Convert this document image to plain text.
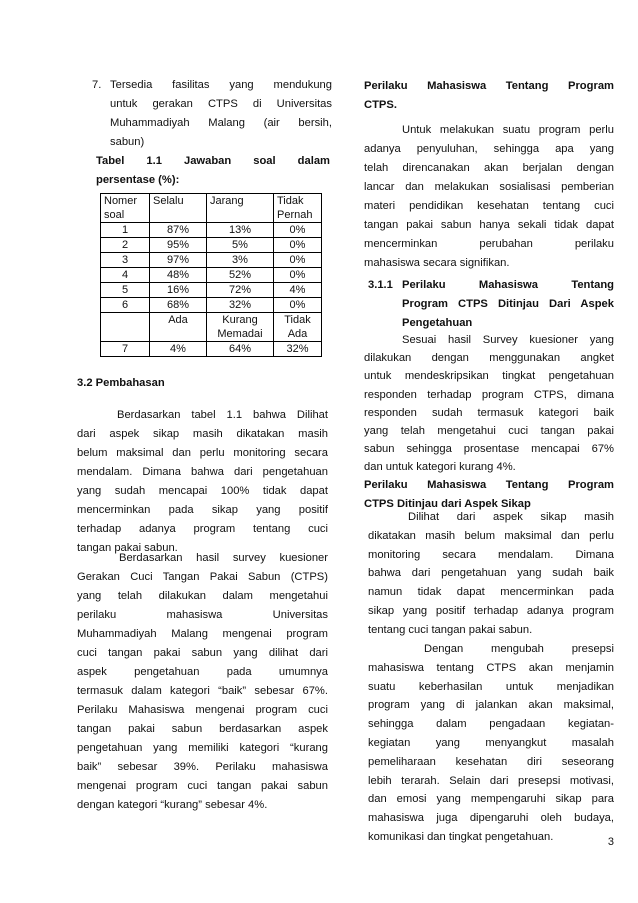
7. Tersedia fasilitas yang mendukung
untuk gerakan CTPS di Universitas
Muhammadiyah Malang (air bersih,
sabun)
Tabel 1.1 Jawaban soal dalam
persentase (%):
Nomer soal	Selalu	Jarang	Tidak Pernah
1	87%	13%	0%
2	95%	5%	0%
3	97%	3%	0%
4	48%	52%	0%
5	16%	72%	4%
6	68%	32%	0%
	Ada	Kurang Memadai	Tidak Ada
7	4%	64%	32%
3.2 Pembahasan
Berdasarkan tabel 1.1 bahwa Dilihat
dari aspek sikap masih dikatakan masih
belum maksimal dan perlu monitoring secara
mendalam. Dimana bahwa dari pengetahuan
yang sudah mencapai 100% tidak dapat
mencerminkan pada sikap yang positif
terhadap adanya program tentang cuci
tangan pakai sabun.
Berdasarkan hasil survey kuesioner
Gerakan Cuci Tangan Pakai Sabun (CTPS)
yang telah dilakukan dalam mengetahui
perilaku mahasiswa Universitas
Muhammadiyah Malang mengenai program
cuci tangan pakai sabun yang dilihat dari
aspek pengetahuan pada umumnya
termasuk dalam kategori “baik” sebesar 67%.
Perilaku Mahasiswa mengenai program cuci
tangan pakai sabun berdasarkan aspek
pengetahuan yang memiliki kategori “kurang
baik” sebesar 39%. Perilaku mahasiswa
mengenai program cuci tangan pakai sabun
dengan kategori “kurang” sebesar 4%.
Perilaku Mahasiswa Tentang Program
CTPS.
Untuk melakukan suatu program perlu
adanya penyuluhan, sehingga apa yang
telah direncanakan akan berjalan dengan
lancar dan melakukan sosialisasi pemberian
materi pendidikan kesehatan tentang cuci
tangan pakai sabun hanya sekali tidak dapat
mencerminkan perubahan perilaku
mahasiswa secara signifikan.
3.1.1 Perilaku Mahasiswa Tentang
Program CTPS Ditinjau Dari Aspek
Pengetahuan
Sesuai hasil Survey kuesioner yang
dilakukan dengan menggunakan angket
untuk mendeskripsikan tingkat pengetahuan
responden terhadap program CTPS, dimana
responden sudah termasuk kategori baik
yang telah mengetahui cuci tangan pakai
sabun sehingga prosentase mencapai 67%
dan untuk kategori kurang 4%.
Perilaku Mahasiswa Tentang Program
CTPS Ditinjau dari Aspek Sikap
Dilihat dari aspek sikap masih
dikatakan masih belum maksimal dan perlu
monitoring secara mendalam. Dimana
bahwa dari pengetahuan yang sudah baik
namun tidak dapat mencerminkan pada
sikap yang positif terhadap adanya program
tentang cuci tangan pakai sabun.
Dengan mengubah presepsi
mahasiswa tentang CTPS akan menjamin
suatu keberhasilan untuk menjadikan
program yang di jalankan akan maksimal,
sehingga dalam pengadaan kegiatan-
kegiatan yang menyangkut masalah
pemeliharaan kesehatan diri seseorang
lebih terarah. Selain dari presepsi motivasi,
dan emosi yang mempengaruhi sikap para
mahasiswa juga dipengaruhi oleh budaya,
komunikasi dan tingkat pengetahuan.	3
